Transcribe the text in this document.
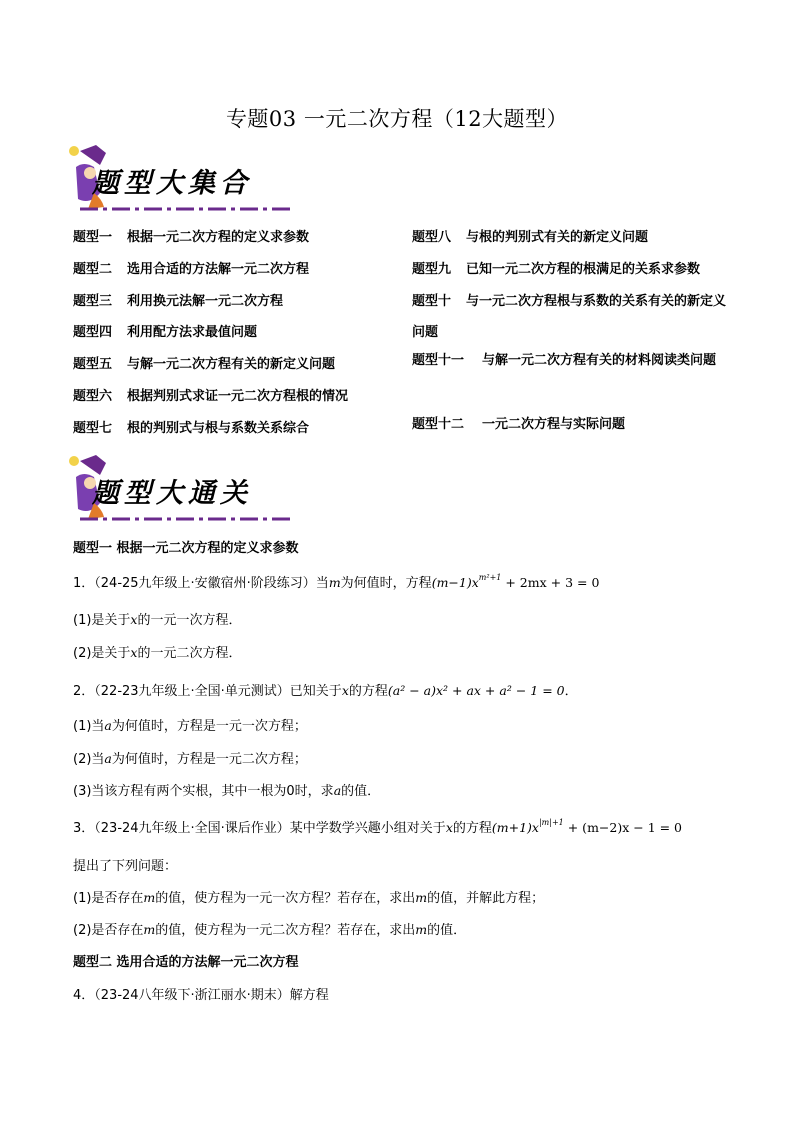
专题03 一元二次方程（12大题型）
题型大集合
题型一 根据一元二次方程的定义求参数
题型二 选用合适的方法解一元二次方程
题型三 利用换元法解一元二次方程
题型四 利用配方法求最值问题
题型五 与解一元二次方程有关的新定义问题
题型六 根据判别式求证一元二次方程根的情况
题型七 根的判别式与根与系数关系综合
题型八 与根的判别式有关的新定义问题
题型九 已知一元二次方程的根满足的关系求参数
题型十 与一元二次方程根与系数的关系有关的新定义问题
题型十一 与解一元二次方程有关的材料阅读类问题
题型十二 一元二次方程与实际问题
题型大通关
题型一 根据一元二次方程的定义求参数
1．（24-25九年级上·安徽宿州·阶段练习）当m为何值时，方程$(m-1)x^{m^2+1} + 2mx + 3 = 0$
(1)是关于x的一元一次方程．
(2)是关于x的一元二次方程．
2．（22-23九年级上·全国·单元测试）已知关于x的方程(a² − a)x² + ax + a² − 1 = 0．
(1)当a为何值时，方程是一元一次方程；
(2)当a为何值时，方程是一元二次方程；
(3)当该方程有两个实根，其中一根为0时，求a的值．
3．（23-24九年级上·全国·课后作业）某中学数学兴趣小组对关于x的方程$(m+1)x^{|m|+1} + (m-2)x - 1 = 0$
提出了下列问题：
(1)是否存在m的值，使方程为一元一次方程？若存在，求出m的值，并解此方程；
(2)是否存在m的值，使方程为一元二次方程？若存在，求出m的值．
题型二 选用合适的方法解一元二次方程
4．（23-24八年级下·浙江丽水·期末）解方程
